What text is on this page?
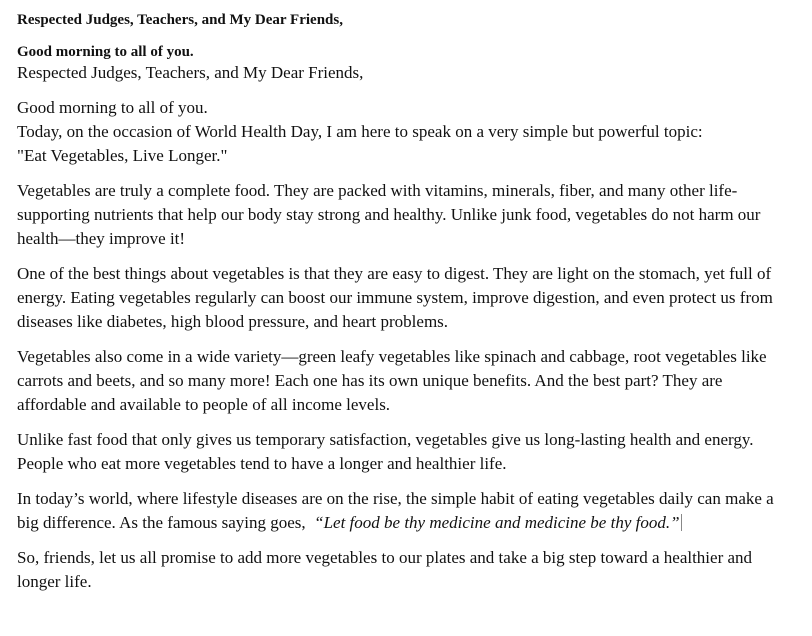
Respected Judges, Teachers, and My Dear Friends,

Good morning to all of you.

Respected Judges, Teachers, and My Dear Friends,

Good morning to all of you.
Today, on the occasion of World Health Day, I am here to speak on a very simple but powerful topic:
"Eat Vegetables, Live Longer."

Vegetables are truly a complete food. They are packed with vitamins, minerals, fiber, and many other life-supporting nutrients that help our body stay strong and healthy. Unlike junk food, vegetables do not harm our health—they improve it!

One of the best things about vegetables is that they are easy to digest. They are light on the stomach, yet full of energy. Eating vegetables regularly can boost our immune system, improve digestion, and even protect us from diseases like diabetes, high blood pressure, and heart problems.

Vegetables also come in a wide variety—green leafy vegetables like spinach and cabbage, root vegetables like carrots and beets, and so many more! Each one has its own unique benefits. And the best part? They are affordable and available to people of all income levels.

Unlike fast food that only gives us temporary satisfaction, vegetables give us long-lasting health and energy. People who eat more vegetables tend to have a longer and healthier life.

In today’s world, where lifestyle diseases are on the rise, the simple habit of eating vegetables daily can make a big difference. As the famous saying goes, “Let food be thy medicine and medicine be thy food.”

So, friends, let us all promise to add more vegetables to our plates and take a big step toward a healthier and longer life.
